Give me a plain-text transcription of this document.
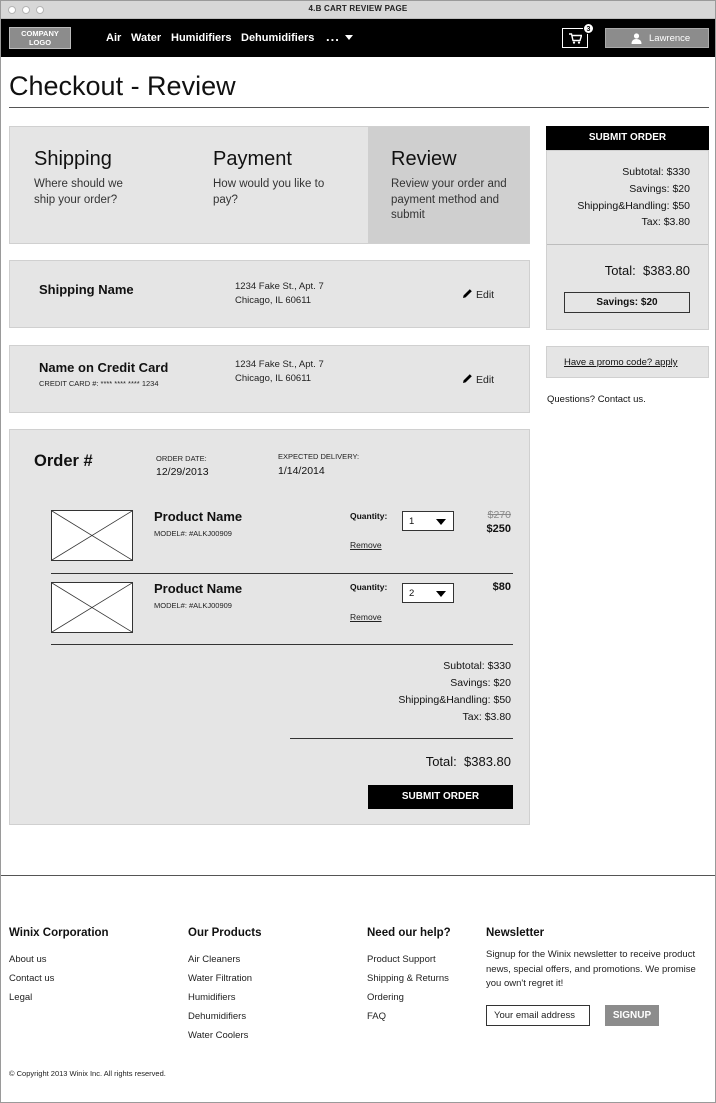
4.B CART REVIEW PAGE
COMPANY LOGO	Air Water Humidifiers Dehumidifiers ...	3
Lawrence
Checkout - Review
Shipping
Where should we ship your order?
Payment
How would you like to pay?
Review
Review your order and payment method and submit
Shipping Name	1234 Fake St., Apt. 7
Chicago, IL 60611	Edit
Name on Credit Card
CREDIT CARD #: **** **** **** 1234
1234 Fake St., Apt. 7
Chicago, IL 60611	Edit
Order #	ORDER DATE:
12/29/2013
EXPECTED DELIVERY:
1/14/2014
Product Name
MODEL#: #ALKJ00909
Quantity: 1
Remove
$270
$250
Product Name
MODEL#: #ALKJ00909
Quantity:
2
Remove
$80
Subtotal: $330
Savings: $20
Shipping&Handling: $50
Tax: $3.80
Total: $383.80
SUBMIT ORDER
SUBMIT ORDER
Subtotal: $330
Savings: $20
Shipping&Handling: $50
Tax: $3.80
Total: $383.80
Savings: $20
Have a promo code? apply
Questions? Contact us.
Winix Corporation
About us
Contact us
Legal
Our Products
Air Cleaners
Water Filtration
Humidifiers
Dehumidifiers
Water Coolers
Need our help?
Product Support
Shipping & Returns
Ordering
FAQ
Newsletter
Signup for the Winix newsletter to receive product news, special offers, and promotions. We promise you own't regret it!
Your email address
SIGNUP
© Copyright 2013 Winix Inc. All rights reserved.
